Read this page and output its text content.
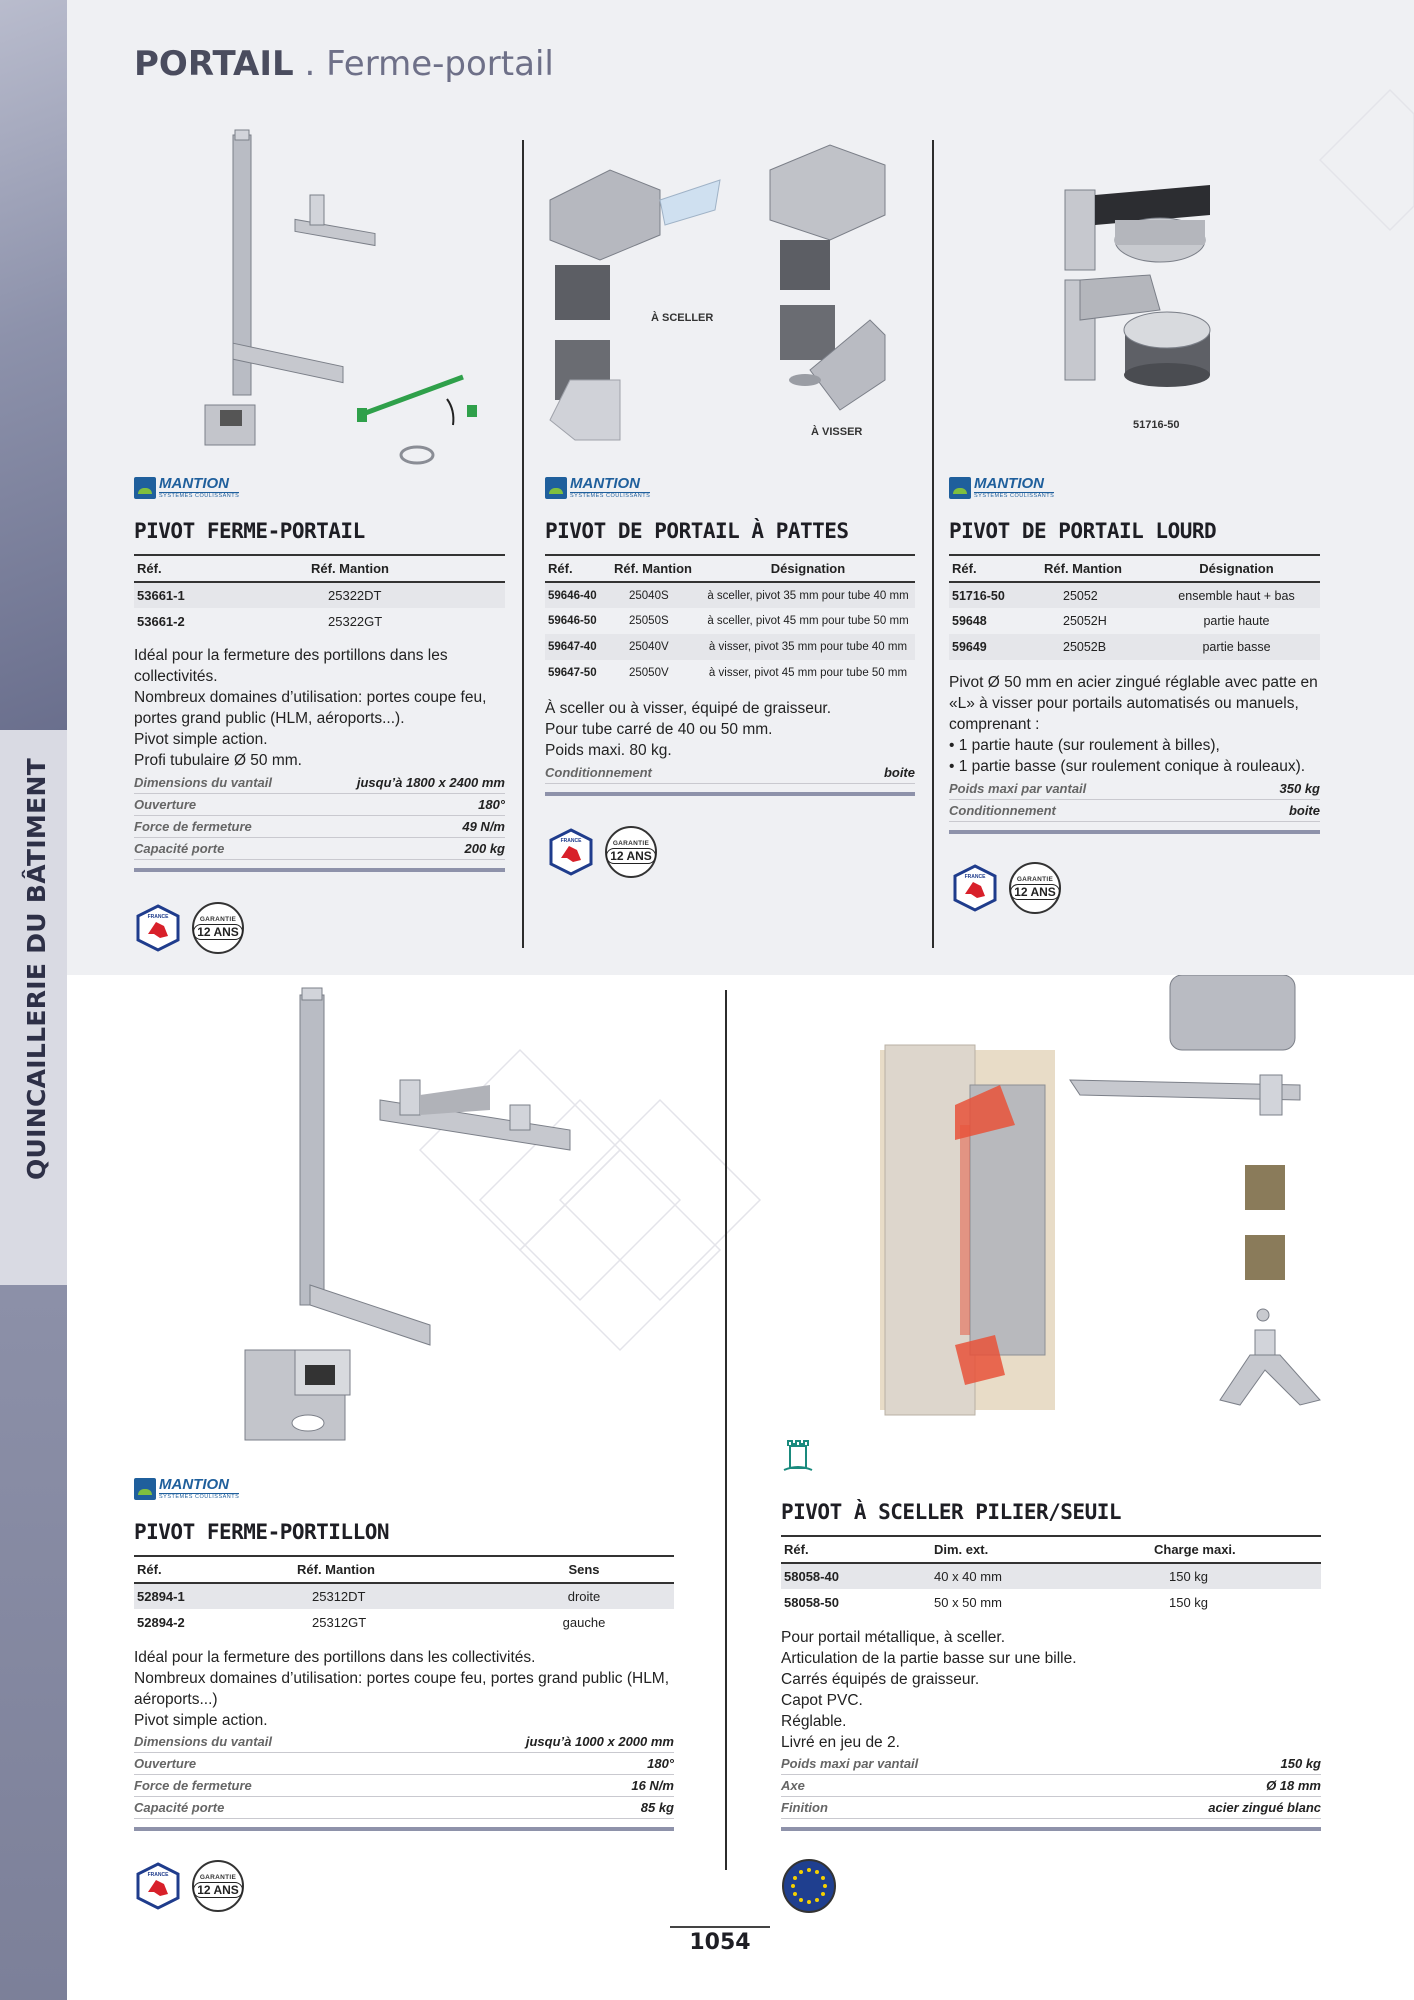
PORTAIL . Ferme-portail
À SCELLER
À VISSER
51716-50
MANTION
SYSTÈMES COULISSANTS
MANTION
SYSTÈMES COULISSANTS
MANTION
SYSTÈMES COULISSANTS
MANTION
SYSTÈMES COULISSANTS
PIVOT FERME-PORTAIL	PIVOT DE PORTAIL À PATTES	PIVOT DE PORTAIL LOURD
PIVOT FERME-PORTILLON
PIVOT À SCELLER PILIER/SEUIL
Réf.	Réf. Mantion
53661-1	25322DT
53661-2	25322GT
Réf.	Réf. Mantion	Désignation
59646-40	25040S	à sceller, pivot 35 mm pour tube 40 mm
59646-50	25050S	à sceller, pivot 45 mm pour tube 50 mm
59647-40	25040V	à visser, pivot 35 mm pour tube 40 mm
59647-50	25050V	à visser, pivot 45 mm pour tube 50 mm
Réf.	Réf. Mantion	Désignation
51716-50	25052	ensemble haut + bas
59648	25052H	partie haute
59649	25052B	partie basse
Réf.	Réf. Mantion	Sens
52894-1	25312DT	droite
52894-2	25312GT	gauche
Réf.	Dim. ext.	Charge maxi.
58058-40	40 x 40 mm	150 kg
58058-50	50 x 50 mm	150 kg
Idéal pour la fermeture des portillons dans les
collectivités.
Nombreux domaines d’utilisation: portes coupe feu,
portes grand public (HLM, aéroports...).
Pivot simple action.
Profi tubulaire Ø 50 mm.
À sceller ou à visser, équipé de graisseur.
Pour tube carré de 40 ou 50 mm.
Poids maxi. 80 kg.
Pivot Ø 50 mm en acier zingué réglable avec patte en
«L» à visser pour portails automatisés ou manuels,
comprenant :
• 1 partie haute (sur roulement à billes),
• 1 partie basse (sur roulement conique à rouleaux).
Idéal pour la fermeture des portillons dans les collectivités.
Nombreux domaines d’utilisation: portes coupe feu, portes grand public (HLM,
aéroports...)
Pivot simple action.
Pour portail métallique, à sceller.
Articulation de la partie basse sur une bille.
Carrés équipés de graisseur.
Capot PVC.
Réglable.
Livré en jeu de 2.
Dimensions du vantail	jusqu’à 1800 x 2400 mm
Ouverture	180°
Force de fermeture	49 N/m
Capacité porte	200 kg
Conditionnement	boite
Poids maxi par vantail	350 kg
Conditionnement	boite
Dimensions du vantail	jusqu’à 1000 x 2000 mm
Ouverture	180°
Force de fermeture	16 N/m
Capacité porte	85 kg
Poids maxi par vantail	150 kg
Axe	Ø 18 mm
Finition	acier zingué blanc
FRANCE	GARANTIE
12 ANS
FRANCE	GARANTIE
12 ANS
FRANCE	GARANTIE
12 ANS
FRANCE	GARANTIE
12 ANS
1054
